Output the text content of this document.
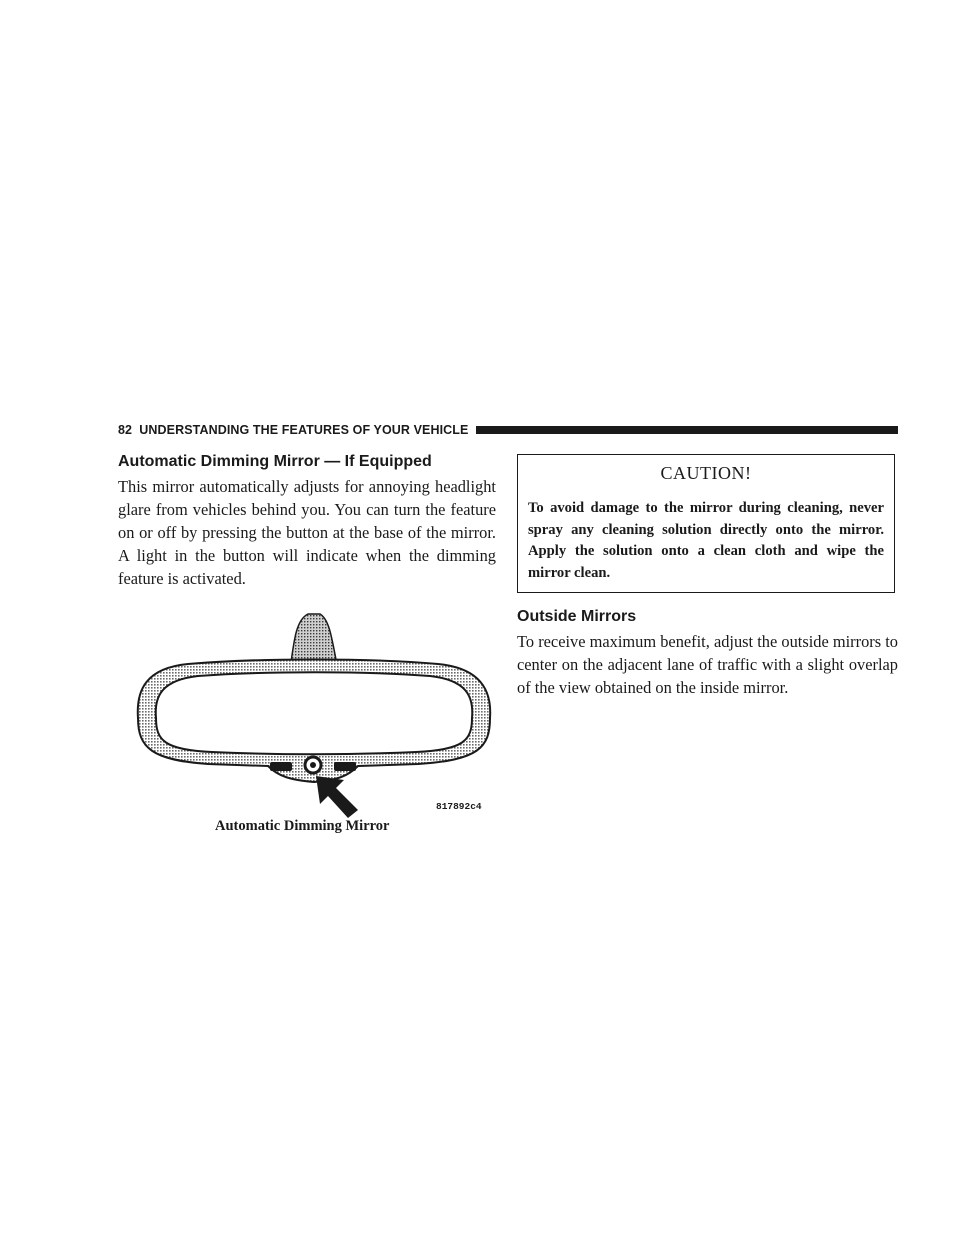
82 UNDERSTANDING THE FEATURES OF YOUR VEHICLE
Automatic Dimming Mirror — If Equipped

This mirror automatically adjusts for annoying headlight glare from vehicles behind you. You can turn the feature on or off by pressing the button at the base of the mirror. A light in the button will indicate when the dimming feature is activated.

817892c4
Automatic Dimming Mirror
CAUTION!

To avoid damage to the mirror during cleaning, never spray any cleaning solution directly onto the mirror. Apply the solution onto a clean cloth and wipe the mirror clean.

Outside Mirrors

To receive maximum benefit, adjust the outside mirrors to center on the adjacent lane of traffic with a slight overlap of the view obtained on the inside mirror.
